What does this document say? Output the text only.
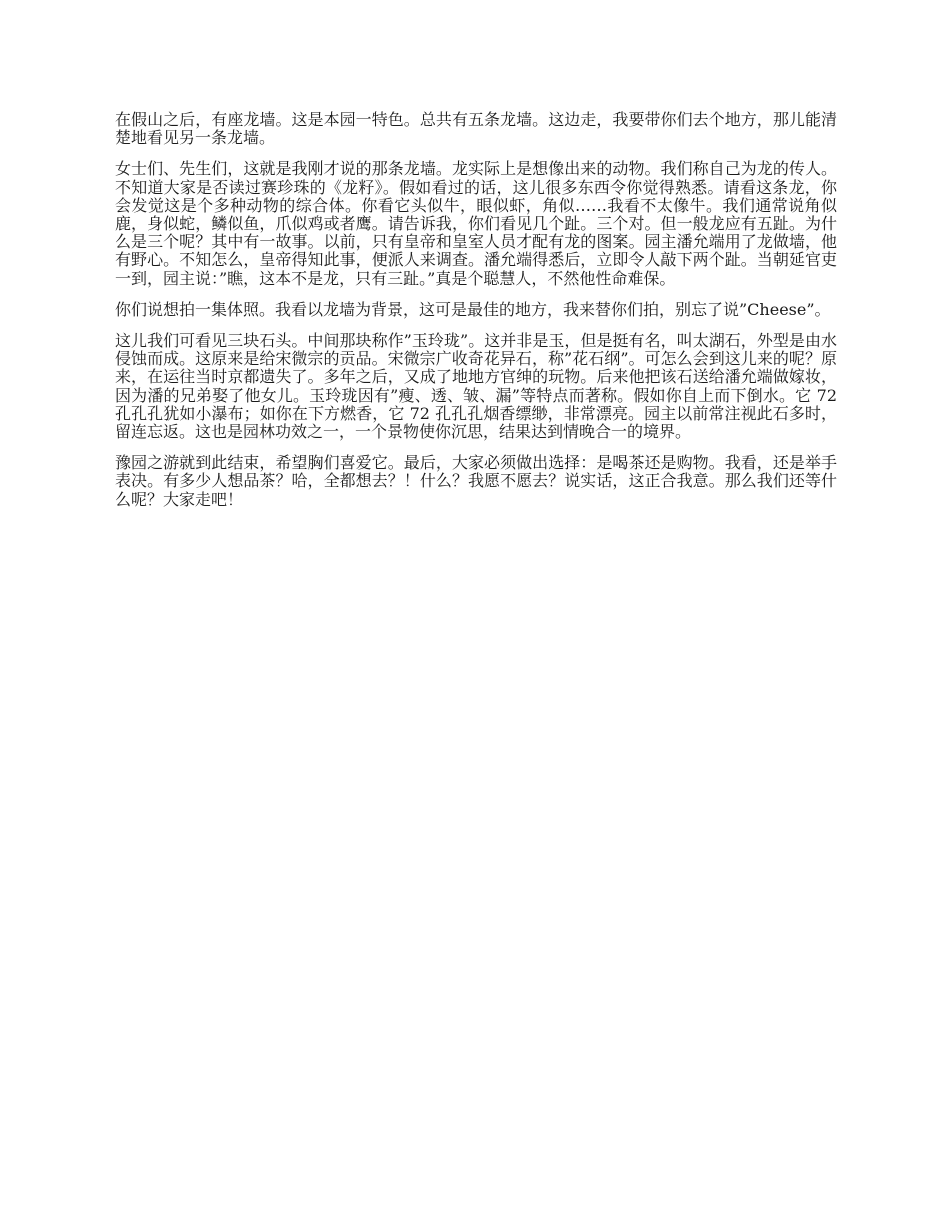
在假山之后，有座龙墙。这是本园一特色。总共有五条龙墙。这边走，我要带你们去个地方，那儿能清楚地看见另一条龙墙。

女士们、先生们，这就是我刚才说的那条龙墙。龙实际上是想像出来的动物。我们称自己为龙的传人。不知道大家是否读过赛珍珠的《龙籽》。假如看过的话，这儿很多东西令你觉得熟悉。请看这条龙，你会发觉这是个多种动物的综合体。你看它头似牛，眼似虾，角似……我看不太像牛。我们通常说角似鹿，身似蛇，鳞似鱼，爪似鸡或者鹰。请告诉我，你们看见几个趾。三个对。但一般龙应有五趾。为什么是三个呢？其中有一故事。以前，只有皇帝和皇室人员才配有龙的图案。园主潘允端用了龙做墙，他有野心。不知怎么，皇帝得知此事，便派人来调查。潘允端得悉后，立即令人敲下两个趾。当朝延官吏一到，园主说：”瞧，这本不是龙，只有三趾。”真是个聪慧人，不然他性命难保。

你们说想拍一集体照。我看以龙墙为背景，这可是最佳的地方，我来替你们拍，别忘了说”Cheese”。

这儿我们可看见三块石头。中间那块称作”玉玲珑”。这并非是玉，但是挺有名，叫太湖石，外型是由水侵蚀而成。这原来是给宋微宗的贡品。宋微宗广收奇花异石，称”花石纲”。可怎么会到这儿来的呢？原来，在运往当时京都遗失了。多年之后，又成了地地方官绅的玩物。后来他把该石送给潘允端做嫁妆，因为潘的兄弟娶了他女儿。玉玲珑因有”瘦、透、皱、漏”等特点而著称。假如你自上而下倒水。它 72 孔孔孔犹如小瀑布；如你在下方燃香，它 72 孔孔孔烟香缥缈，非常漂亮。园主以前常注视此石多时，留连忘返。这也是园林功效之一，一个景物使你沉思，结果达到情晚合一的境界。

豫园之游就到此结束，希望胸们喜爱它。最后，大家必须做出选择：是喝茶还是购物。我看，还是举手表决。有多少人想品茶？哈，全都想去？！什么？我愿不愿去？说实话，这正合我意。那么我们还等什么呢？大家走吧！
